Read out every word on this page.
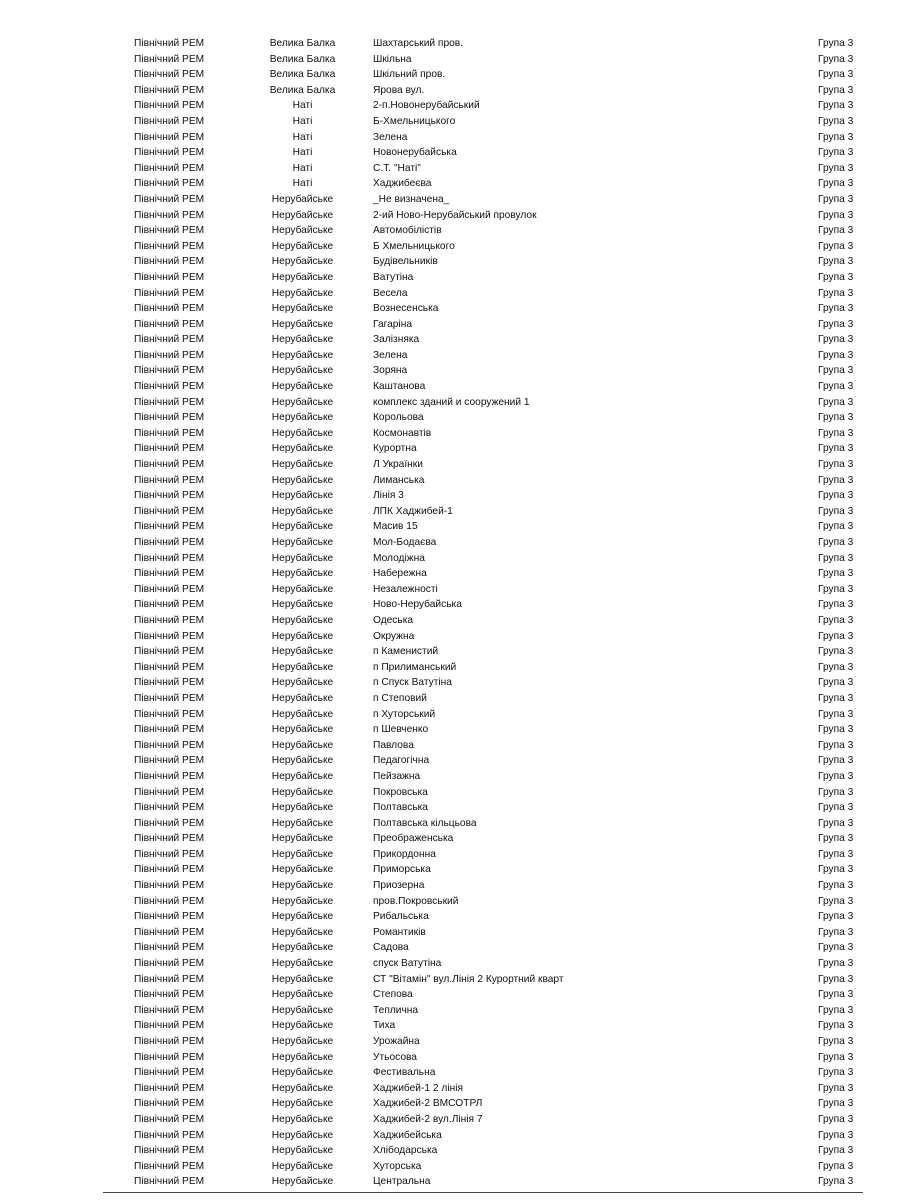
Північний РЕМ	Велика Балка	Шахтарський пров.	Група 3
Північний РЕМ	Велика Балка	Шкільна	Група 3
Північний РЕМ	Велика Балка	Шкільний пров.	Група 3
Північний РЕМ	Велика Балка	Ярова вул.	Група 3
Північний РЕМ	Наті	2-п.Новонерубайський	Група 3
Північний РЕМ	Наті	Б-Хмельницького	Група 3
Північний РЕМ	Наті	Зелена	Група 3
Північний РЕМ	Наті	Новонерубайська	Група 3
Північний РЕМ	Наті	С.Т. "Наті"	Група 3
Північний РЕМ	Наті	Хаджибеєва	Група 3
Північний РЕМ	Нерубайське	_Не визначена_	Група 3
Північний РЕМ	Нерубайське	2-ий Ново-Нерубайський провулок	Група 3
Північний РЕМ	Нерубайське	Автомобілістів	Група 3
Північний РЕМ	Нерубайське	Б Хмельницького	Група 3
Північний РЕМ	Нерубайське	Будівельників	Група 3
Північний РЕМ	Нерубайське	Ватутіна	Група 3
Північний РЕМ	Нерубайське	Весела	Група 3
Північний РЕМ	Нерубайське	Вознесенська	Група 3
Північний РЕМ	Нерубайське	Гагаріна	Група 3
Північний РЕМ	Нерубайське	Залізняка	Група 3
Північний РЕМ	Нерубайське	Зелена	Група 3
Північний РЕМ	Нерубайське	Зоряна	Група 3
Північний РЕМ	Нерубайське	Каштанова	Група 3
Північний РЕМ	Нерубайське	комплекс зданий и сооружений 1	Група 3
Північний РЕМ	Нерубайське	Корольова	Група 3
Північний РЕМ	Нерубайське	Космонавтів	Група 3
Північний РЕМ	Нерубайське	Курортна	Група 3
Північний РЕМ	Нерубайське	Л Українки	Група 3
Північний РЕМ	Нерубайське	Лиманська	Група 3
Північний РЕМ	Нерубайське	Лінія 3	Група 3
Північний РЕМ	Нерубайське	ЛПК Хаджибей-1	Група 3
Північний РЕМ	Нерубайське	Масив 15	Група 3
Північний РЕМ	Нерубайське	Мол-Бодаєва	Група 3
Північний РЕМ	Нерубайське	Молодіжна	Група 3
Північний РЕМ	Нерубайське	Набережна	Група 3
Північний РЕМ	Нерубайське	Незалежності	Група 3
Північний РЕМ	Нерубайське	Ново-Нерубайська	Група 3
Північний РЕМ	Нерубайське	Одеська	Група 3
Північний РЕМ	Нерубайське	Окружна	Група 3
Північний РЕМ	Нерубайське	п Каменистий	Група 3
Північний РЕМ	Нерубайське	п Прилиманський	Група 3
Північний РЕМ	Нерубайське	п Спуск Ватутіна	Група 3
Північний РЕМ	Нерубайське	п Степовий	Група 3
Північний РЕМ	Нерубайське	п Хуторський	Група 3
Північний РЕМ	Нерубайське	п Шевченко	Група 3
Північний РЕМ	Нерубайське	Павлова	Група 3
Північний РЕМ	Нерубайське	Педагогічна	Група 3
Північний РЕМ	Нерубайське	Пейзажна	Група 3
Північний РЕМ	Нерубайське	Покровська	Група 3
Північний РЕМ	Нерубайське	Полтавська	Група 3
Північний РЕМ	Нерубайське	Полтавська кільцьова	Група 3
Північний РЕМ	Нерубайське	Преображенська	Група 3
Північний РЕМ	Нерубайське	Прикордонна	Група 3
Північний РЕМ	Нерубайське	Приморська	Група 3
Північний РЕМ	Нерубайське	Приозерна	Група 3
Північний РЕМ	Нерубайське	пров.Покровський	Група 3
Північний РЕМ	Нерубайське	Рибальська	Група 3
Північний РЕМ	Нерубайське	Романтиків	Група 3
Північний РЕМ	Нерубайське	Садова	Група 3
Північний РЕМ	Нерубайське	спуск Ватутіна	Група 3
Північний РЕМ	Нерубайське	СТ "Вітамін" вул.Лінія 2 Курортний кварт	Група 3
Північний РЕМ	Нерубайське	Степова	Група 3
Північний РЕМ	Нерубайське	Теплична	Група 3
Північний РЕМ	Нерубайське	Тиха	Група 3
Північний РЕМ	Нерубайське	Урожайна	Група 3
Північний РЕМ	Нерубайське	Утьосова	Група 3
Північний РЕМ	Нерубайське	Фестивальна	Група 3
Північний РЕМ	Нерубайське	Хаджибей-1 2 лінія	Група 3
Північний РЕМ	Нерубайське	Хаджибей-2 ВМСОТРЛ	Група 3
Північний РЕМ	Нерубайське	Хаджибей-2 вул.Лінія 7	Група 3
Північний РЕМ	Нерубайське	Хаджибейська	Група 3
Північний РЕМ	Нерубайське	Хлібодарська	Група 3
Північний РЕМ	Нерубайське	Хуторська	Група 3
Північний РЕМ	Нерубайське	Центральна	Група 3
